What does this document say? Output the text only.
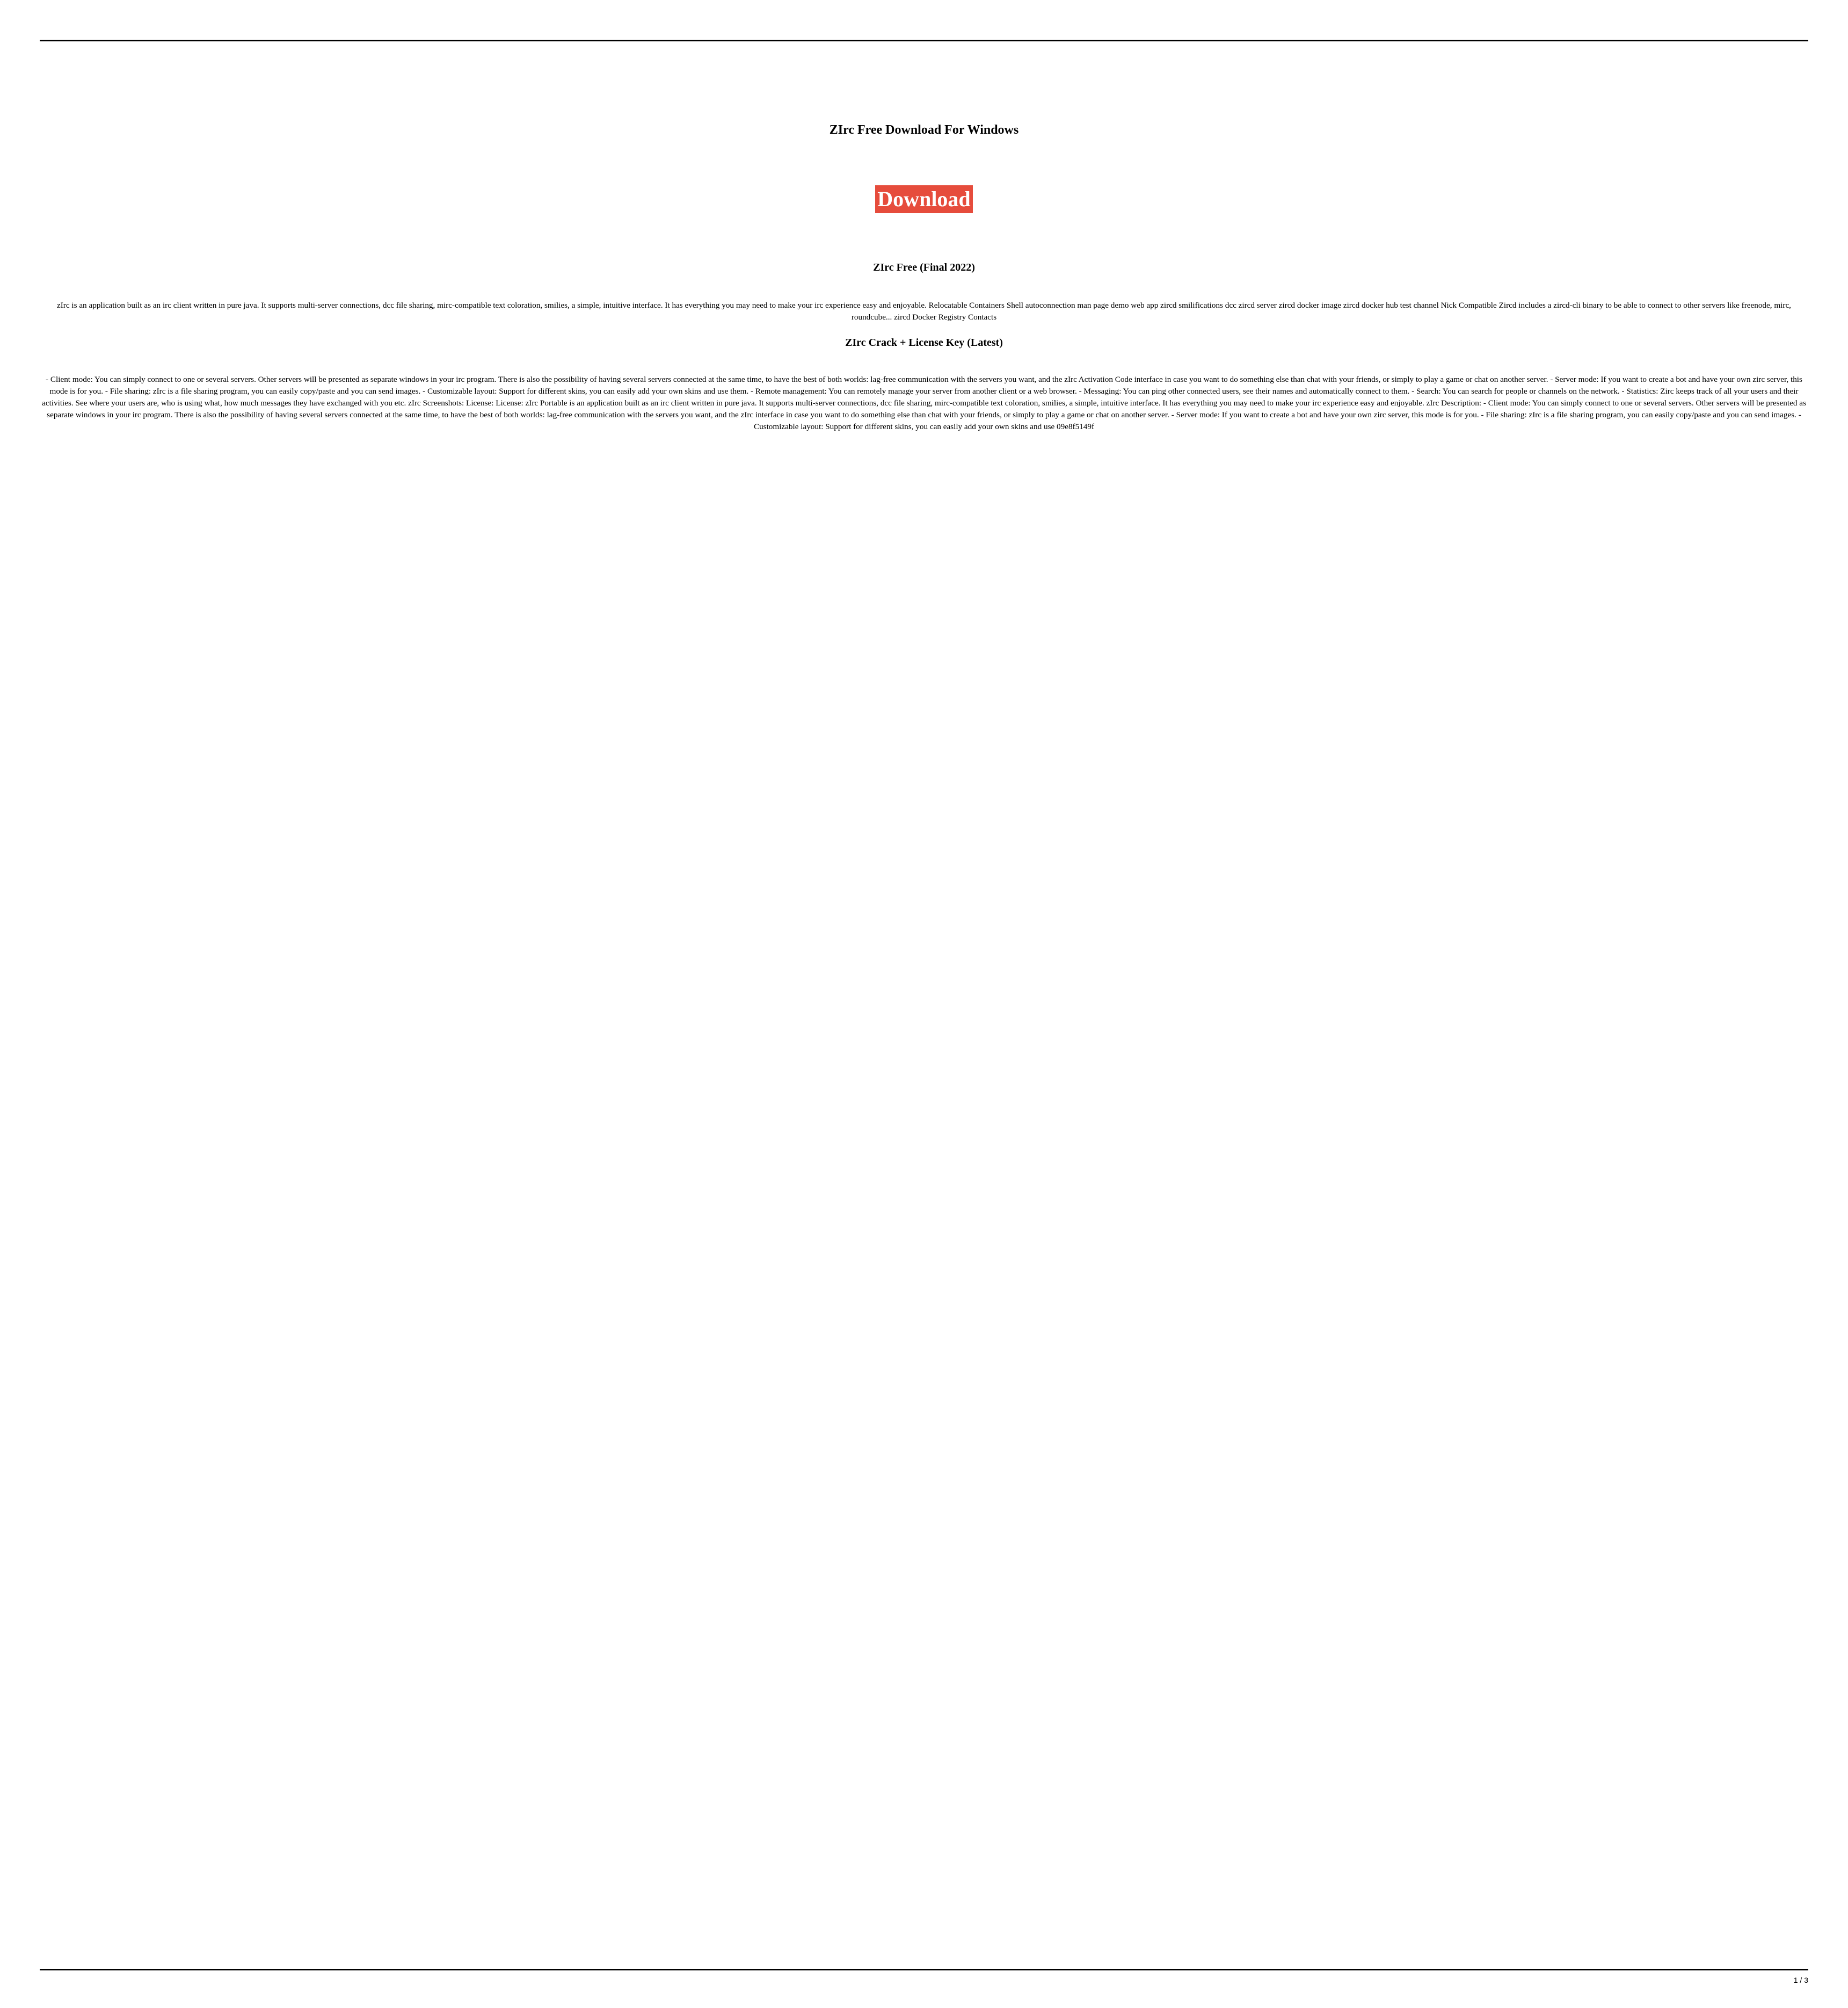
ZIrc Free Download For Windows
Download
ZIrc Free (Final 2022)
zIrc is an application built as an irc client written in pure java. It supports multi-server connections, dcc file sharing, mirc-compatible text coloration, smilies, a simple, intuitive interface. It has everything you may need to make your irc experience easy and enjoyable. Relocatable Containers Shell autoconnection man page demo web app zircd smilifications dcc zircd server zircd docker image zircd docker hub test channel Nick Compatible Zircd includes a zircd-cli binary to be able to connect to other servers like freenode, mirc, roundcube... zircd Docker Registry Contacts
ZIrc Crack + License Key (Latest)
- Client mode: You can simply connect to one or several servers. Other servers will be presented as separate windows in your irc program. There is also the possibility of having several servers connected at the same time, to have the best of both worlds: lag-free communication with the servers you want, and the zIrc Activation Code interface in case you want to do something else than chat with your friends, or simply to play a game or chat on another server. - Server mode: If you want to create a bot and have your own zirc server, this mode is for you. - File sharing: zIrc is a file sharing program, you can easily copy/paste and you can send images. - Customizable layout: Support for different skins, you can easily add your own skins and use them. - Remote management: You can remotely manage your server from another client or a web browser. - Messaging: You can ping other connected users, see their names and automatically connect to them. - Search: You can search for people or channels on the network. - Statistics: Zirc keeps track of all your users and their activities. See where your users are, who is using what, how much messages they have exchanged with you etc. zIrc Screenshots: License: License: zIrc Portable is an application built as an irc client written in pure java. It supports multi-server connections, dcc file sharing, mirc-compatible text coloration, smilies, a simple, intuitive interface. It has everything you may need to make your irc experience easy and enjoyable. zIrc Description: - Client mode: You can simply connect to one or several servers. Other servers will be presented as separate windows in your irc program. There is also the possibility of having several servers connected at the same time, to have the best of both worlds: lag-free communication with the servers you want, and the zIrc interface in case you want to do something else than chat with your friends, or simply to play a game or chat on another server. - Server mode: If you want to create a bot and have your own zirc server, this mode is for you. - File sharing: zIrc is a file sharing program, you can easily copy/paste and you can send images. - Customizable layout: Support for different skins, you can easily add your own skins and use 09e8f5149f
1 / 3
